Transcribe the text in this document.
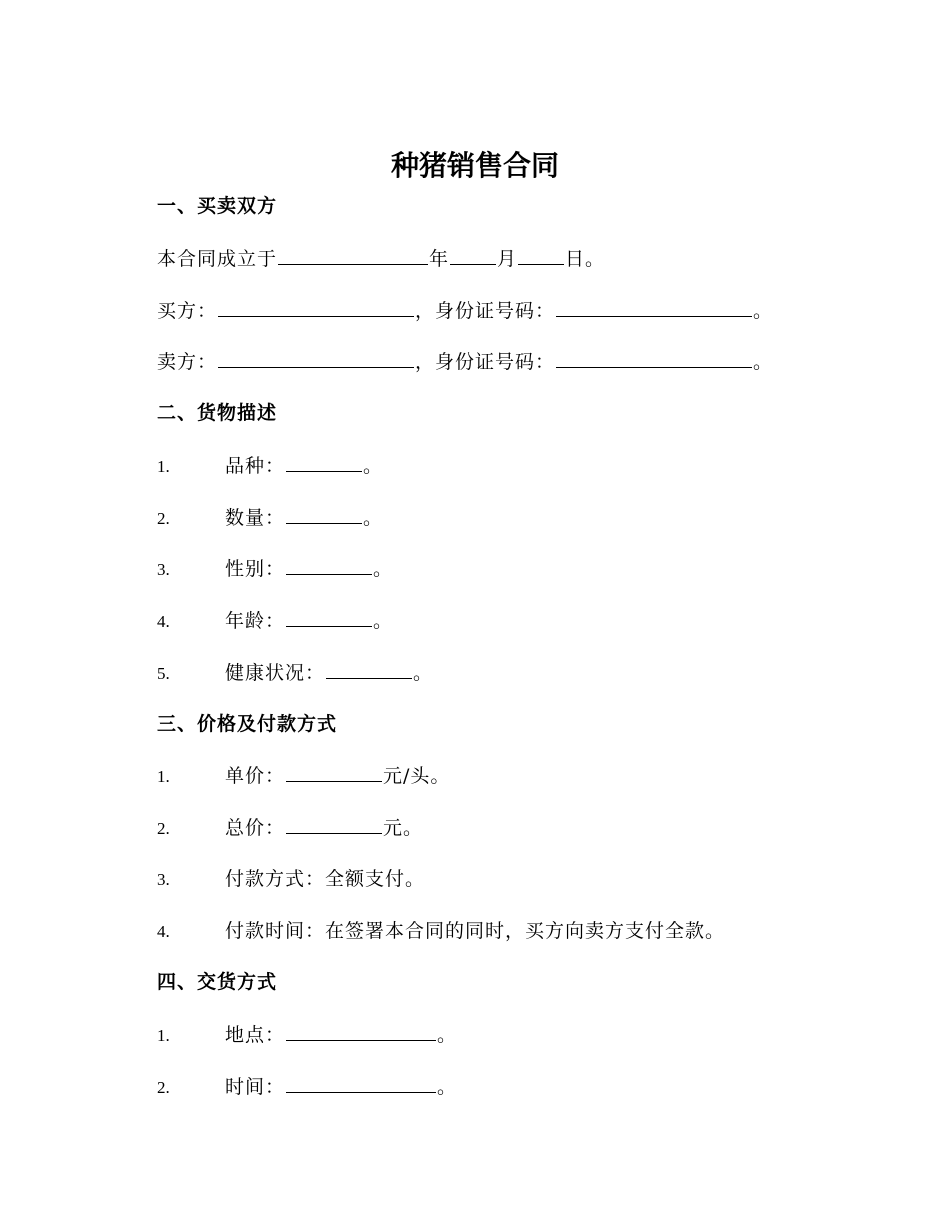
种猪销售合同
一、买卖双方
本合同成立于	年	月	日。
买方：	，身份证号码：	。
卖方：	，身份证号码：	。
二、货物描述
1.	品种：	。
2.	数量：	。
3.	性别：	。
4.	年龄：	。
5.	健康状况：	。
三、价格及付款方式
1.	单价：	元/头。
2.	总价：	元。
3.	付款方式：全额支付。
4.	付款时间：在签署本合同的同时，买方向卖方支付全款。
四、交货方式
1.	地点：	。
2.	时间：	。
